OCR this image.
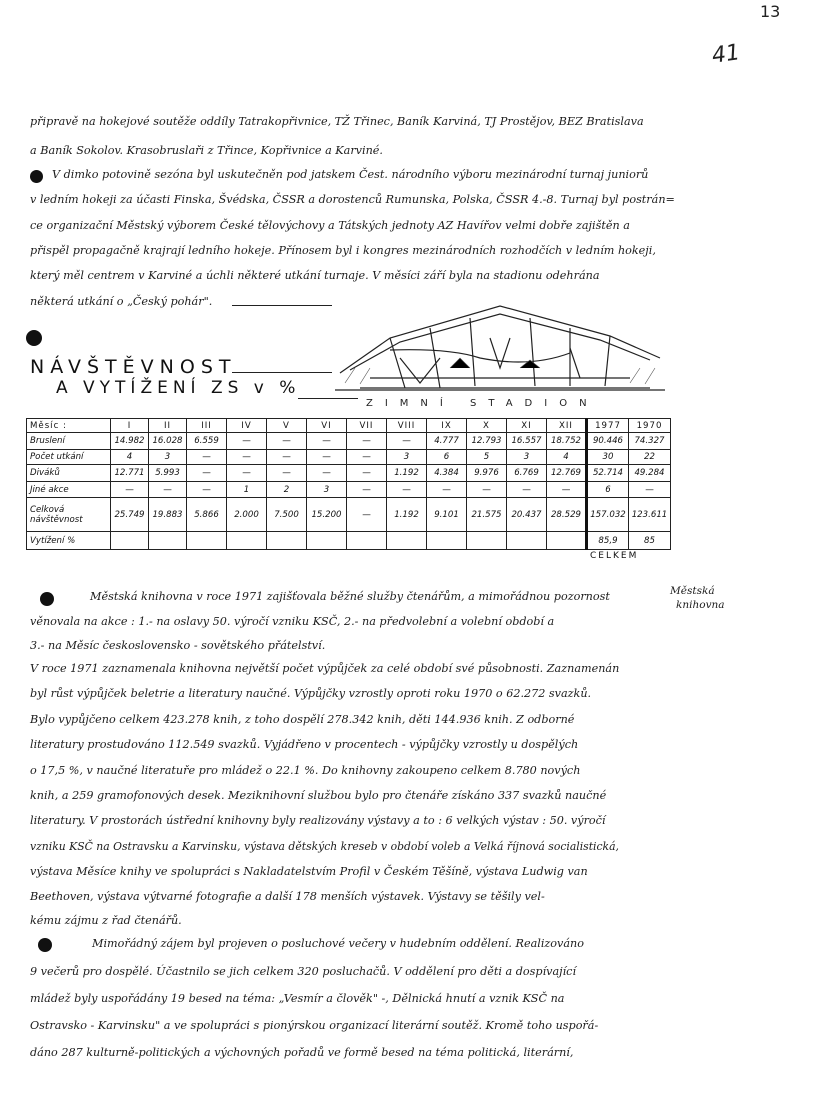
13
41
připravě na hokejové soutěže oddíly Tatrakopřivnice, TŽ Třinec, Baník Karviná, TJ Prostějov, BEZ Bratislava
a Baník Sokolov. Krasobruslaři z Třince, Kopřivnice a Karviné.
V dimko potovině sezóna byl uskutečněn pod jatskem Čest. národního výboru mezinárodní turnaj juniorů
v ledním hokeji za účasti Finska, Švédska, ČSSR a dorostenců Rumunska, Polska, ČSSR 4.-8. Turnaj byl postrán=
ce organizační Městský výborem České tělovýchovy a Tátských jednoty AZ Havířov velmi dobře zajištěn a
přispěl propagačně krajrají ledního hokeje. Přínosem byl i kongres mezinárodních rozhodčích v ledním hokeji,
který měl centrem v Karviné a úchli některé utkání turnaje. V měsíci září byla na stadionu odehrána
některá utkání o „Český pohár".
NÁVŠTĚVNOST
A VYTÍŽENÍ ZS v %
ZIMNÍ STADION
Měsíc :	I	II	III	IV	V	VI	VII	VIII	IX	X	XI	XII	1977	1970
Bruslení	14.982	16.028	6.559	—	—	—	—	—	4.777	12.793	16.557	18.752	90.446	74.327
Počet utkání	4	3	—	—	—	—	—	3	6	5	3	4	30	22
Diváků	12.771	5.993	—	—	—	—	—	1.192	4.384	9.976	6.769	12.769	52.714	49.284
Jiné akce	—	—	—	1	2	3	—	—	—	—	—	—	6	—
Celková návštěvnost	25.749	19.883	5.866	2.000	7.500	15.200	—	1.192	9.101	21.575	20.437	28.529	157.032	123.611
Vytížení %													85,9	85
CELKEM
Městská knihovna v roce 1971 zajišťovala běžné služby čtenářům, a mimořádnou pozornost
věnovala na akce : 1.- na oslavy 50. výročí vzniku KSČ, 2.- na předvolební a volební období a
3.- na Měsíc československo - sovětského přátelství.
V roce 1971 zaznamenala knihovna největší počet výpůjček za celé období své působnosti. Zaznamenán
byl růst výpůjček beletrie a literatury naučné. Výpůjčky vzrostly oproti roku 1970 o 62.272 svazků.
Bylo vypůjčeno celkem 423.278 knih, z toho dospělí 278.342 knih, děti 144.936 knih. Z odborné
literatury prostudováno 112.549 svazků. Vyjádřeno v procentech - výpůjčky vzrostly u dospělých
o 17,5 %, v naučné literatuře pro mládež o 22.1 %. Do knihovny zakoupeno celkem 8.780 nových
knih, a 259 gramofonových desek. Meziknihovní službou bylo pro čtenáře získáno 337 svazků naučné
literatury. V prostorách ústřední knihovny byly realizovány výstavy a to : 6 velkých výstav : 50. výročí
vzniku KSČ na Ostravsku a Karvinsku, výstava dětských kreseb v období voleb a Velká říjnová socialistická,
výstava Měsíce knihy ve spolupráci s Nakladatelstvím Profil v Českém Těšíně, výstava Ludwig van
Beethoven, výstava výtvarné fotografie a další 178 menších výstavek. Výstavy se těšily vel-
kému zájmu z řad čtenářů.
Městská
knihovna
Mimořádný zájem byl projeven o posluchové večery v hudebním oddělení. Realizováno
9 večerů pro dospělé. Účastnilo se jich celkem 320 posluchačů. V oddělení pro děti a dospívající
mládež byly uspořádány 19 besed na téma: „Vesmír a člověk" -, Dělnická hnutí a vznik KSČ na
Ostravsko - Karvinsku" a ve spolupráci s pionýrskou organizací literární soutěž. Kromě toho uspořá-
dáno 287 kulturně-politických a výchovných pořadů ve formě besed na téma politická, literární,
